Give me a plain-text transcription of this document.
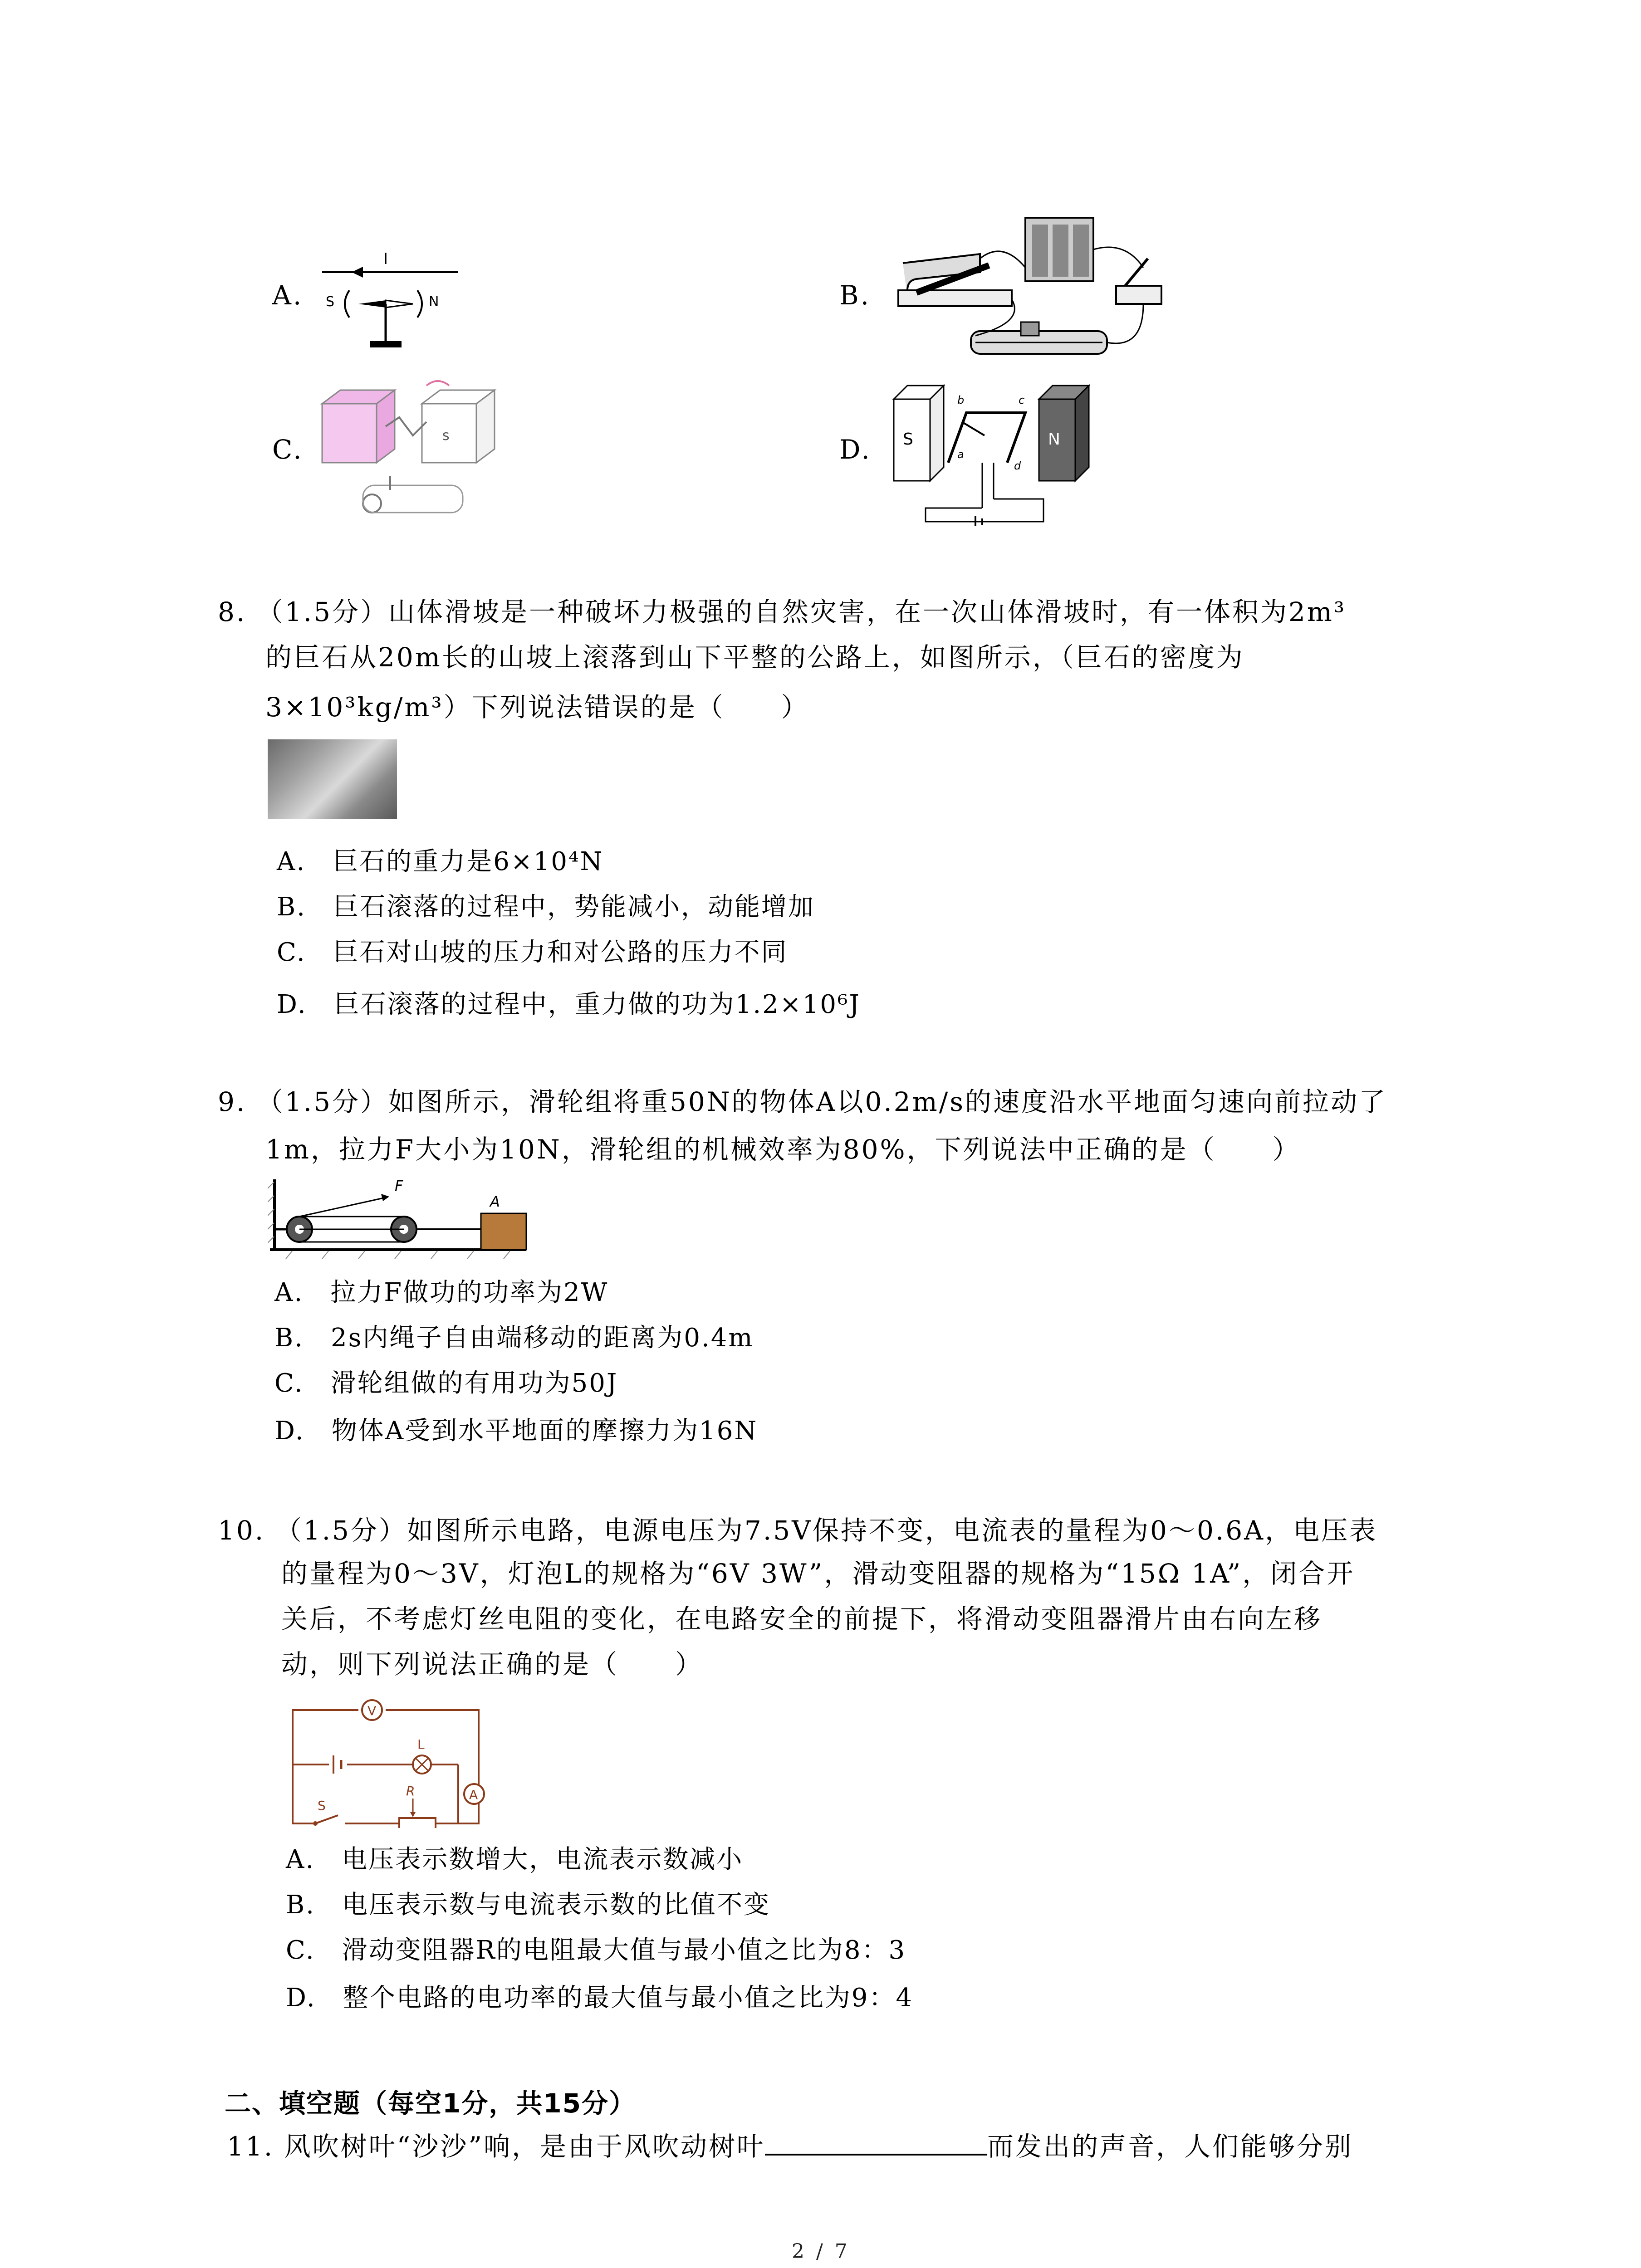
A.
I
S	N	B.
C.	s	D. S	N
a
b	c
d
8. （1.5分）山体滑坡是一种破坏力极强的自然灾害，在一次山体滑坡时，有一体积为2m³
的巨石从20m长的山坡上滚落到山下平整的公路上，如图所示，（巨石的密度为
3×10³kg/m³）下列说法错误的是（　　）
A.　巨石的重力是6×10⁴N
B.　巨石滚落的过程中，势能减小，动能增加
C.　巨石对山坡的压力和对公路的压力不同
D.　巨石滚落的过程中，重力做的功为1.2×10⁶J
9. （1.5分）如图所示，滑轮组将重50N的物体A以0.2m/s的速度沿水平地面匀速向前拉动了
1m，拉力F大小为10N，滑轮组的机械效率为80%，下列说法中正确的是（　　）
F
A
A.　拉力F做功的功率为2W
B.　2s内绳子自由端移动的距离为0.4m
C.　滑轮组做的有用功为50J
D.　物体A受到水平地面的摩擦力为16N
10. （1.5分）如图所示电路，电源电压为7.5V保持不变，电流表的量程为0～0.6A，电压表
的量程为0～3V，灯泡L的规格为“6V 3W”，滑动变阻器的规格为“15Ω 1A”，闭合开
关后，不考虑灯丝电阻的变化，在电路安全的前提下，将滑动变阻器滑片由右向左移
动，则下列说法正确的是（　　）
V
L
A
S
R
A.　电压表示数增大，电流表示数减小
B.　电压表示数与电流表示数的比值不变
C.　滑动变阻器R的电阻最大值与最小值之比为8：3
D.　整个电路的电功率的最大值与最小值之比为9：4
二、填空题（每空1分，共15分）
11. 风吹树叶“沙沙”响，是由于风吹动树叶	而发出的声音，人们能够分别
2 / 7
